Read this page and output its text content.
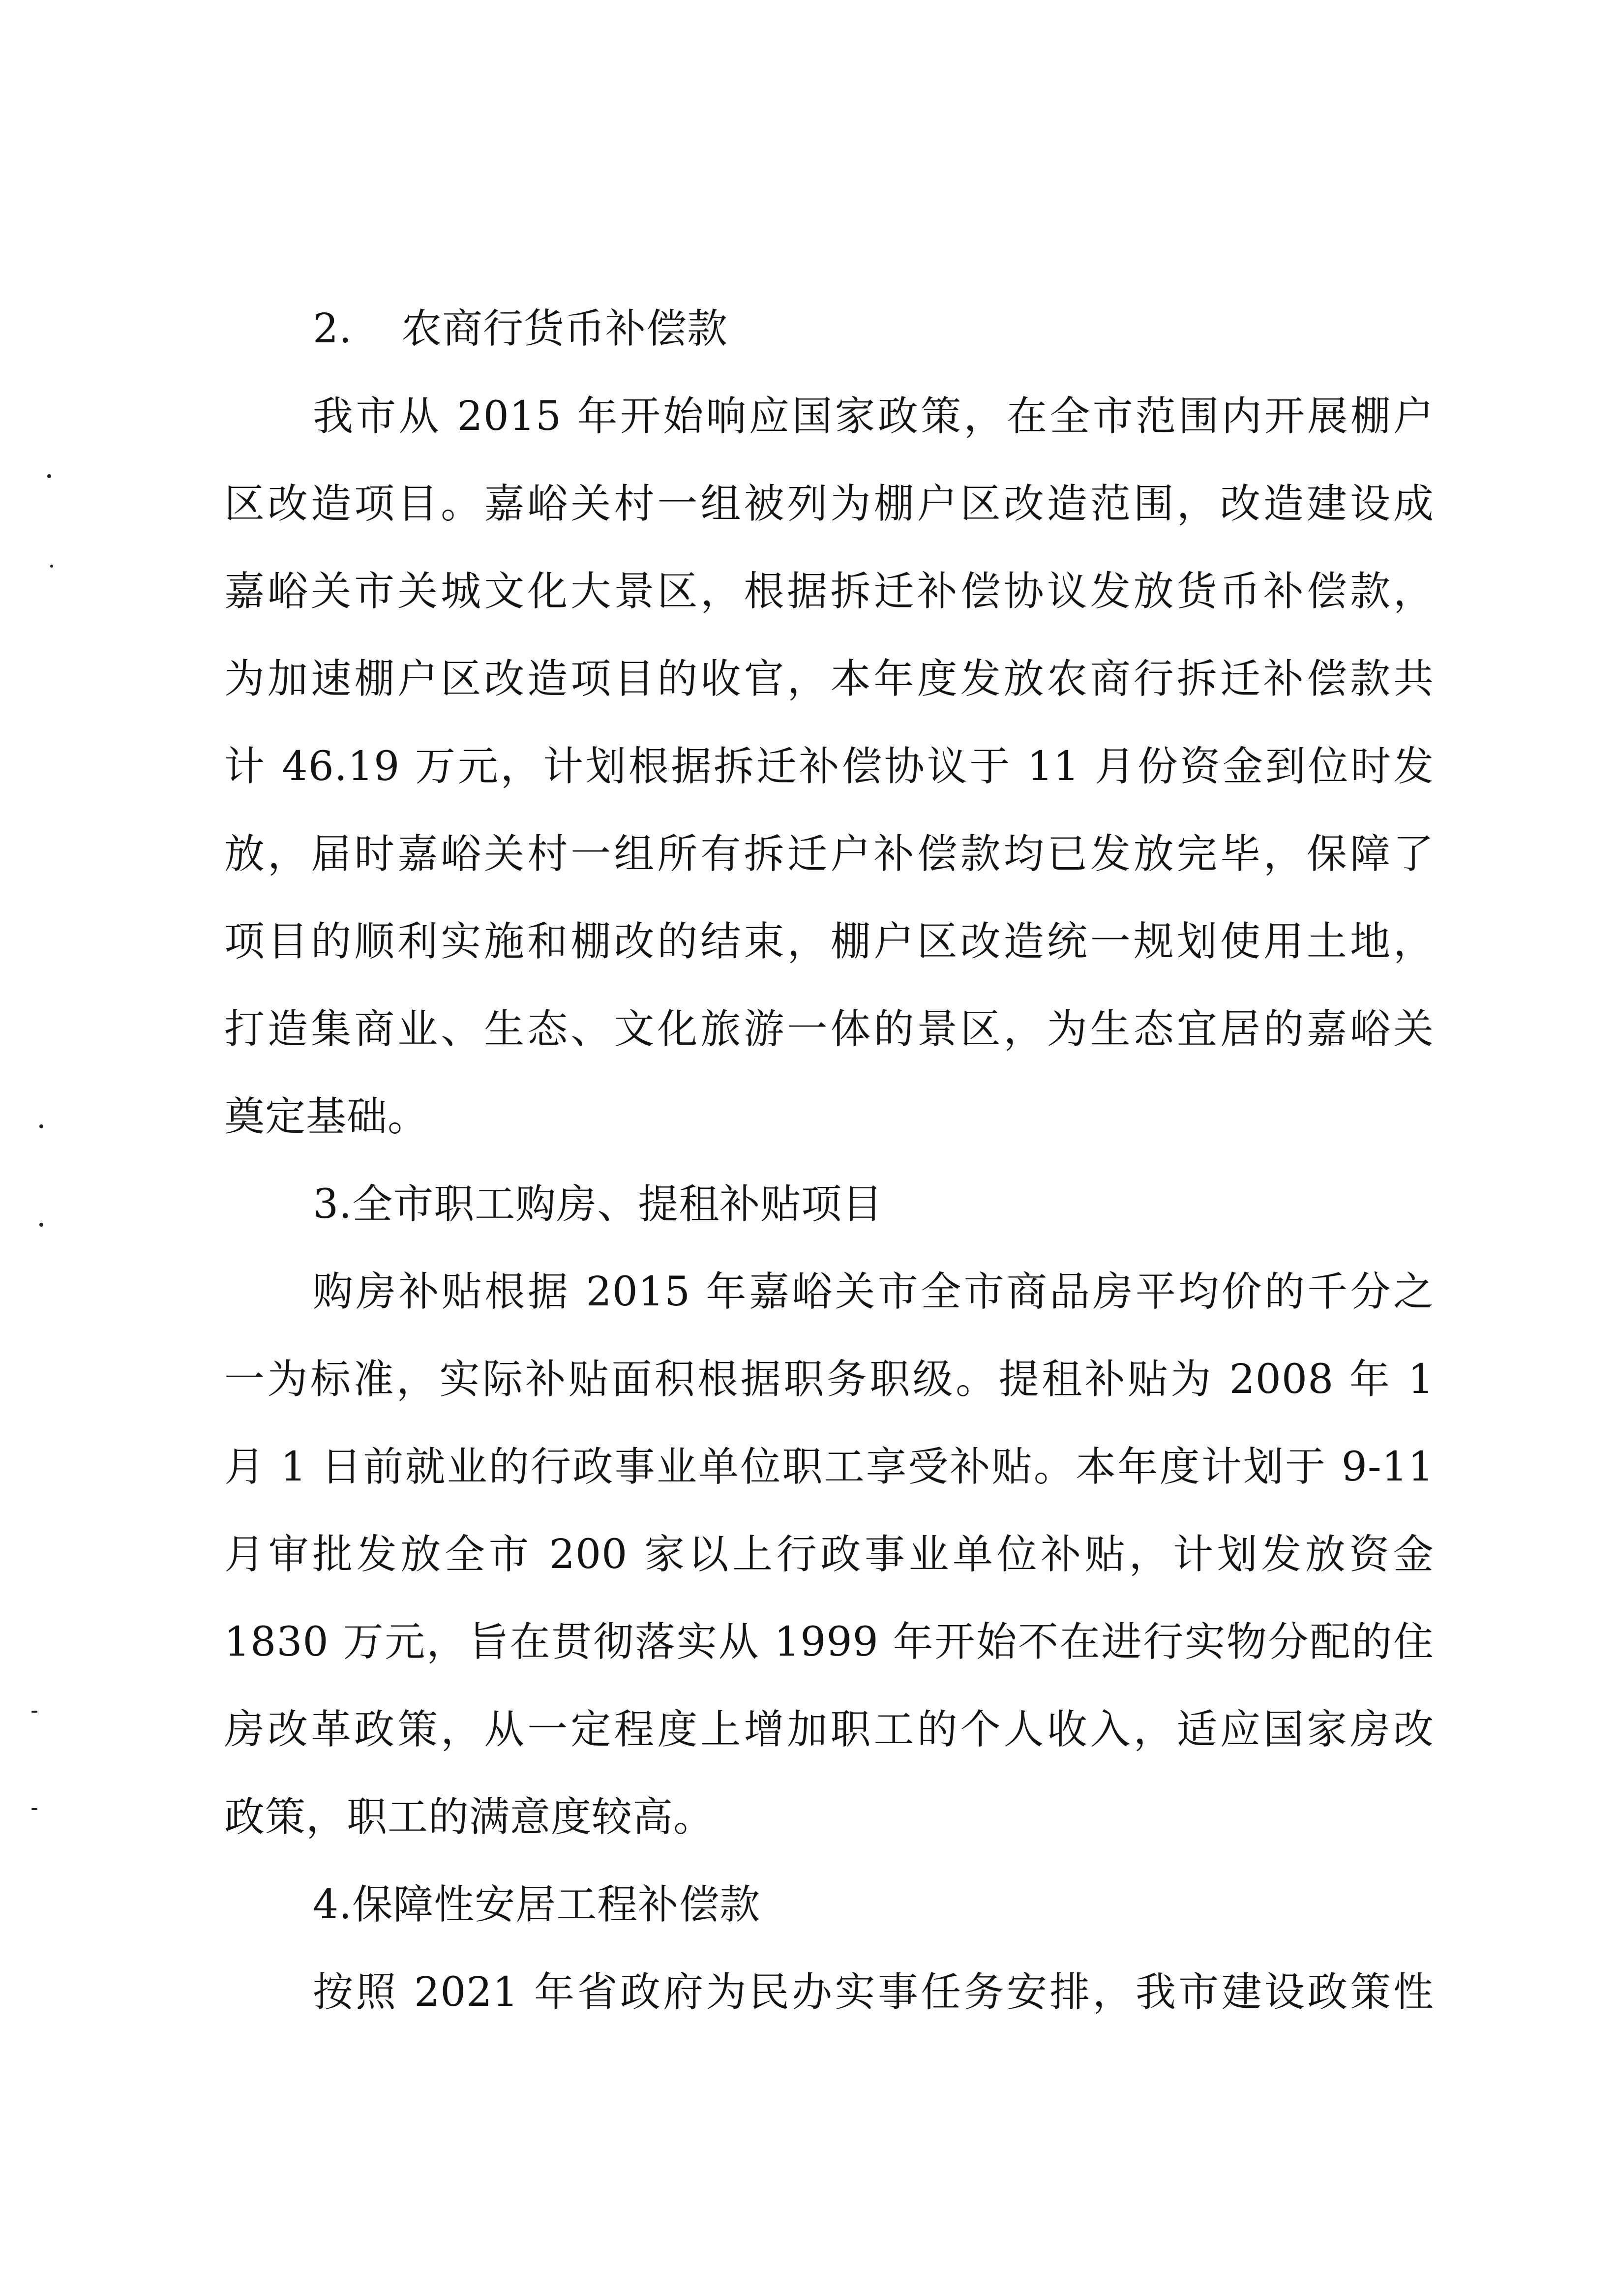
2. 农商行货币补偿款
我市从 2015 年开始响应国家政策，在全市范围内开展棚户
区改造项目。嘉峪关村一组被列为棚户区改造范围，改造建设成
嘉峪关市关城文化大景区，根据拆迁补偿协议发放货币补偿款，
为加速棚户区改造项目的收官，本年度发放农商行拆迁补偿款共
计 46.19 万元，计划根据拆迁补偿协议于 11 月份资金到位时发
放，届时嘉峪关村一组所有拆迁户补偿款均已发放完毕，保障了
项目的顺利实施和棚改的结束，棚户区改造统一规划使用土地，
打造集商业、生态、文化旅游一体的景区，为生态宜居的嘉峪关
奠定基础。
3.全市职工购房、提租补贴项目
购房补贴根据 2015 年嘉峪关市全市商品房平均价的千分之
一为标准，实际补贴面积根据职务职级。提租补贴为 2008 年 1
月 1 日前就业的行政事业单位职工享受补贴。本年度计划于 9-11
月审批发放全市 200 家以上行政事业单位补贴，计划发放资金
1830 万元，旨在贯彻落实从 1999 年开始不在进行实物分配的住
房改革政策，从一定程度上增加职工的个人收入，适应国家房改
政策，职工的满意度较高。
4.保障性安居工程补偿款
按照 2021 年省政府为民办实事任务安排，我市建设政策性
